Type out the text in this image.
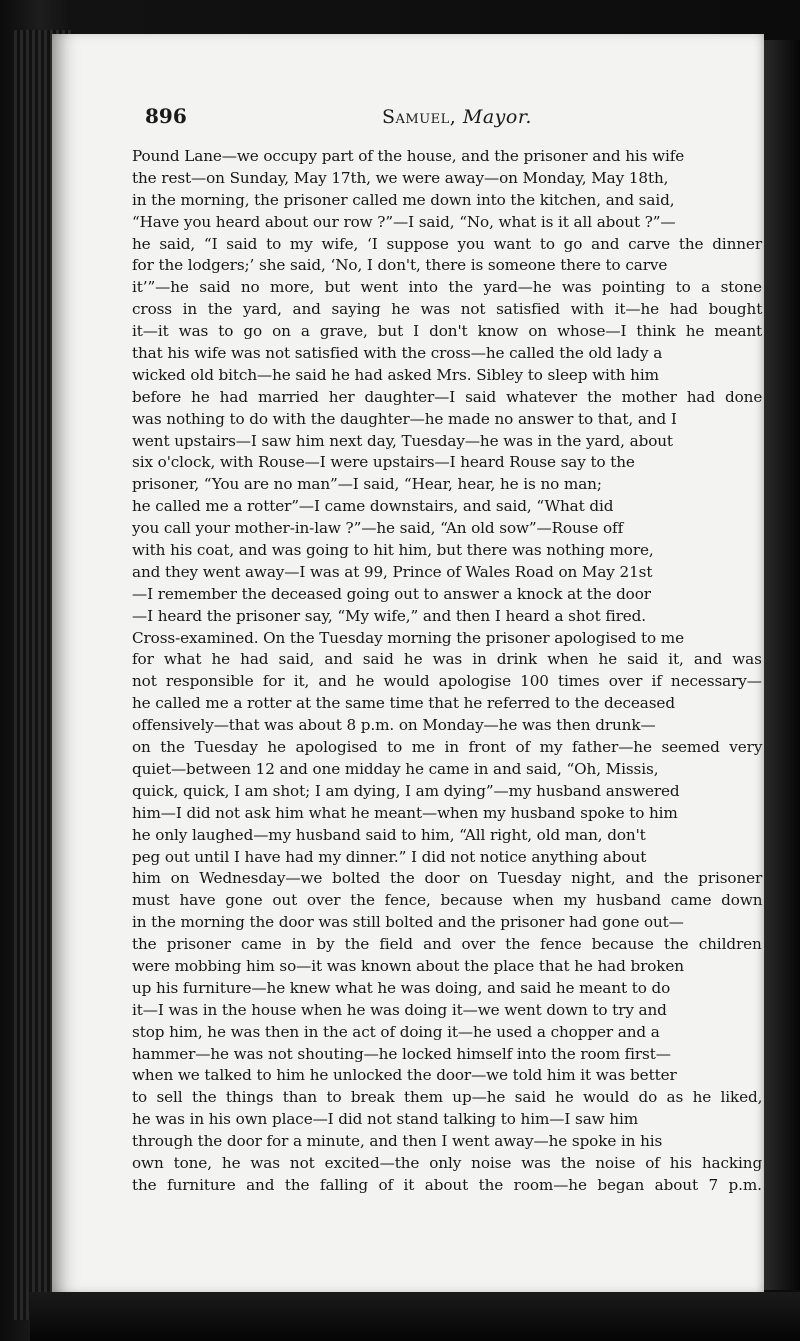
896	Samuel, Mayor.
Pound Lane—we occupy part of the house, and the prisoner and his wife
the rest—on Sunday, May 17th, we were away—on Monday, May 18th,
in the morning, the prisoner called me down into the kitchen, and said,
“Have you heard about our row ?”—I said, “No, what is it all about ?”—
he said, “I said to my wife, ‘I suppose you want to go and carve the dinner
for the lodgers;’ she said, ‘No, I don't, there is someone there to carve
it’”—he said no more, but went into the yard—he was pointing to a stone
cross in the yard, and saying he was not satisfied with it—he had bought
it—it was to go on a grave, but I don't know on whose—I think he meant
that his wife was not satisfied with the cross—he called the old lady a
wicked old bitch—he said he had asked Mrs. Sibley to sleep with him
before he had married her daughter—I said whatever the mother had done
was nothing to do with the daughter—he made no answer to that, and I
went upstairs—I saw him next day, Tuesday—he was in the yard, about
six o'clock, with Rouse—I were upstairs—I heard Rouse say to the
prisoner, “You are no man”—I said, “Hear, hear, he is no man;
he called me a rotter”—I came downstairs, and said, “What did
you call your mother-in-law ?”—he said, “An old sow”—Rouse off
with his coat, and was going to hit him, but there was nothing more,
and they went away—I was at 99, Prince of Wales Road on May 21st
—I remember the deceased going out to answer a knock at the door
—I heard the prisoner say, “My wife,” and then I heard a shot fired.
Cross-examined. On the Tuesday morning the prisoner apologised to me
for what he had said, and said he was in drink when he said it, and was
not responsible for it, and he would apologise 100 times over if necessary—
he called me a rotter at the same time that he referred to the deceased
offensively—that was about 8 p.m. on Monday—he was then drunk—
on the Tuesday he apologised to me in front of my father—he seemed very
quiet—between 12 and one midday he came in and said, “Oh, Missis,
quick, quick, I am shot; I am dying, I am dying”—my husband answered
him—I did not ask him what he meant—when my husband spoke to him
he only laughed—my husband said to him, “All right, old man, don't
peg out until I have had my dinner.” I did not notice anything about
him on Wednesday—we bolted the door on Tuesday night, and the prisoner
must have gone out over the fence, because when my husband came down
in the morning the door was still bolted and the prisoner had gone out—
the prisoner came in by the field and over the fence because the children
were mobbing him so—it was known about the place that he had broken
up his furniture—he knew what he was doing, and said he meant to do
it—I was in the house when he was doing it—we went down to try and
stop him, he was then in the act of doing it—he used a chopper and a
hammer—he was not shouting—he locked himself into the room first—
when we talked to him he unlocked the door—we told him it was better
to sell the things than to break them up—he said he would do as he liked,
he was in his own place—I did not stand talking to him—I saw him
through the door for a minute, and then I went away—he spoke in his
own tone, he was not excited—the only noise was the noise of his hacking
the furniture and the falling of it about the room—he began about 7 p.m.
